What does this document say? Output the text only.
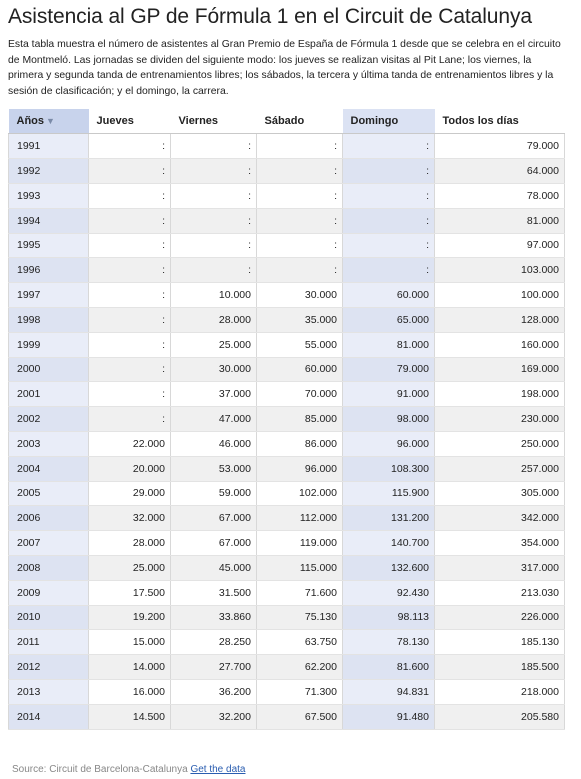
Asistencia al GP de Fórmula 1 en el Circuit de Catalunya

Esta tabla muestra el número de asistentes al Gran Premio de España de Fórmula 1 desde que se celebra en el circuito de Montmeló. Las jornadas se dividen del siguiente modo: los jueves se realizan visitas al Pit Lane; los viernes, la primera y segunda tanda de entrenamientos libres; los sábados, la tercera y última tanda de entrenamientos libres y la sesión de clasificación; y el domingo, la carrera.

Años ▼	Jueves	Viernes	Sábado	Domingo	Todos los días
1991	:	:	:	:	79.000
1992	:	:	:	:	64.000
1993	:	:	:	:	78.000
1994	:	:	:	:	81.000
1995	:	:	:	:	97.000
1996	:	:	:	:	103.000
1997	:	10.000	30.000	60.000	100.000
1998	:	28.000	35.000	65.000	128.000
1999	:	25.000	55.000	81.000	160.000
2000	:	30.000	60.000	79.000	169.000
2001	:	37.000	70.000	91.000	198.000
2002	:	47.000	85.000	98.000	230.000
2003	22.000	46.000	86.000	96.000	250.000
2004	20.000	53.000	96.000	108.300	257.000
2005	29.000	59.000	102.000	115.900	305.000
2006	32.000	67.000	112.000	131.200	342.000
2007	28.000	67.000	119.000	140.700	354.000
2008	25.000	45.000	115.000	132.600	317.000
2009	17.500	31.500	71.600	92.430	213.030
2010	19.200	33.860	75.130	98.113	226.000
2011	15.000	28.250	63.750	78.130	185.130
2012	14.000	27.700	62.200	81.600	185.500
2013	16.000	36.200	71.300	94.831	218.000
2014	14.500	32.200	67.500	91.480	205.580
Source: Circuit de Barcelona-Catalunya Get the data
